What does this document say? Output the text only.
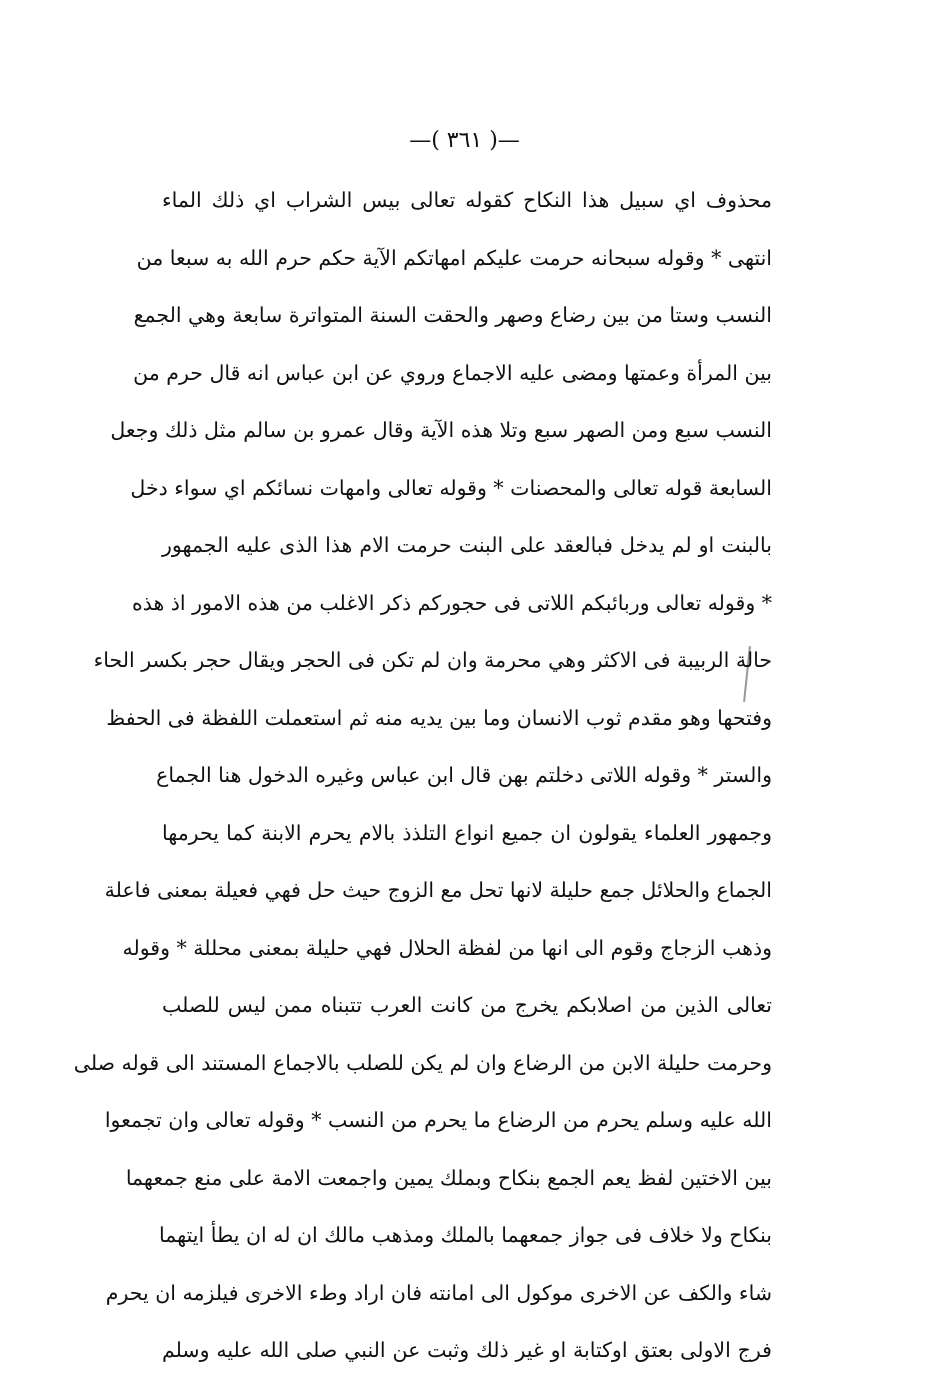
—( ٣٦١ )—
محذوف اي سبيل هذا النكاح كقوله تعالى بيس الشراب اي ذلك الماء
انتهى * وقوله سبحانه حرمت عليكم امهاتكم الآية حكم حرم الله به سبعا من
النسب وستا من بين رضاع وصهر والحقت السنة المتواترة سابعة وهي الجمع
بين المرأة وعمتها ومضى عليه الاجماع وروي عن ابن عباس انه قال حرم من
النسب سبع ومن الصهر سبع وتلا هذه الآية وقال عمرو بن سالم مثل ذلك وجعل
السابعة قوله تعالى والمحصنات * وقوله تعالى وامهات نسائكم اي سواء دخل
بالبنت او لم يدخل فبالعقد على البنت حرمت الام هذا الذى عليه الجمهور
* وقوله تعالى وربائبكم اللاتى فى حجوركم ذكر الاغلب من هذه الامور اذ هذه
حالة الربيبة فى الاكثر وهي محرمة وان لم تكن فى الحجر ويقال حجر بكسر الحاء
وفتحها وهو مقدم ثوب الانسان وما بين يديه منه ثم استعملت اللفظة فى الحفظ
والستر * وقوله اللاتى دخلتم بهن قال ابن عباس وغيره الدخول هنا الجماع
وجمهور العلماء يقولون ان جميع انواع التلذذ بالام يحرم الابنة كما يحرمها
الجماع والحلائل جمع حليلة لانها تحل مع الزوج حيث حل فهي فعيلة بمعنى فاعلة
وذهب الزجاج وقوم الى انها من لفظة الحلال فهي حليلة بمعنى محللة * وقوله
تعالى الذين من اصلابكم يخرج من كانت العرب تتبناه ممن ليس للصلب
وحرمت حليلة الابن من الرضاع وان لم يكن للصلب بالاجماع المستند الى قوله صلى
الله عليه وسلم يحرم من الرضاع ما يحرم من النسب * وقوله تعالى وان تجمعوا
بين الاختين لفظ يعم الجمع بنكاح وبملك يمين واجمعت الامة على منع جمعهما
بنكاح ولا خلاف فى جواز جمعهما بالملك ومذهب مالك ان له ان يطأ ايتهما
شاء والكف عن الاخرى موكول الى امانته فان اراد وطء الاخرى فيلزمه ان يحرم
فرج الاولى بعتق اوكتابة او غير ذلك وثبت عن النبي صلى الله عليه وسلم
